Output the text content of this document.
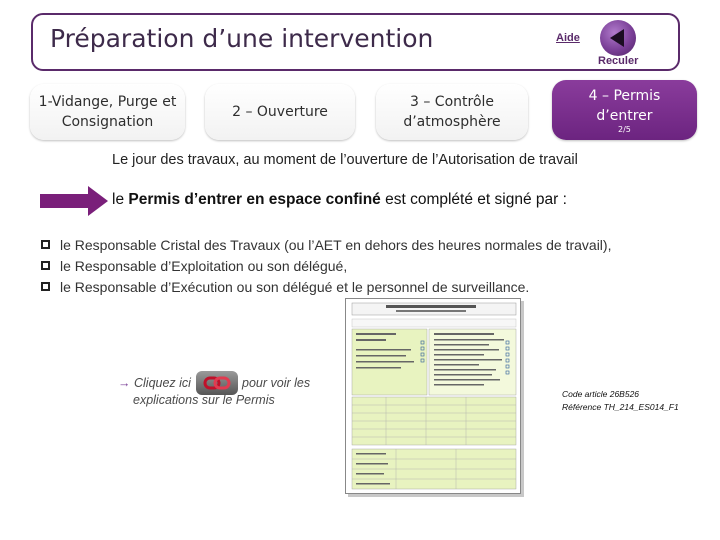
Préparation d’une intervention	Aide
Reculer
1-Vidange, Purge et Consignation
2 – Ouverture
3 – Contrôle d’atmosphère
4 – Permis d’entrer
2/5
Le jour des travaux, au moment de l’ouverture de l’Autorisation de travail
le Permis d’entrer en espace confiné est complété et signé par :
le Responsable Cristal des Travaux (ou l’AET en dehors des heures normales de travail),
le Responsable d’Exploitation ou son délégué,
le Responsable d’Exécution ou son délégué et le personnel de surveillance.
→ Cliquez ici	pour voir les
explications sur le Permis	Code article 26B526
Référence TH_214_ES014_F1
